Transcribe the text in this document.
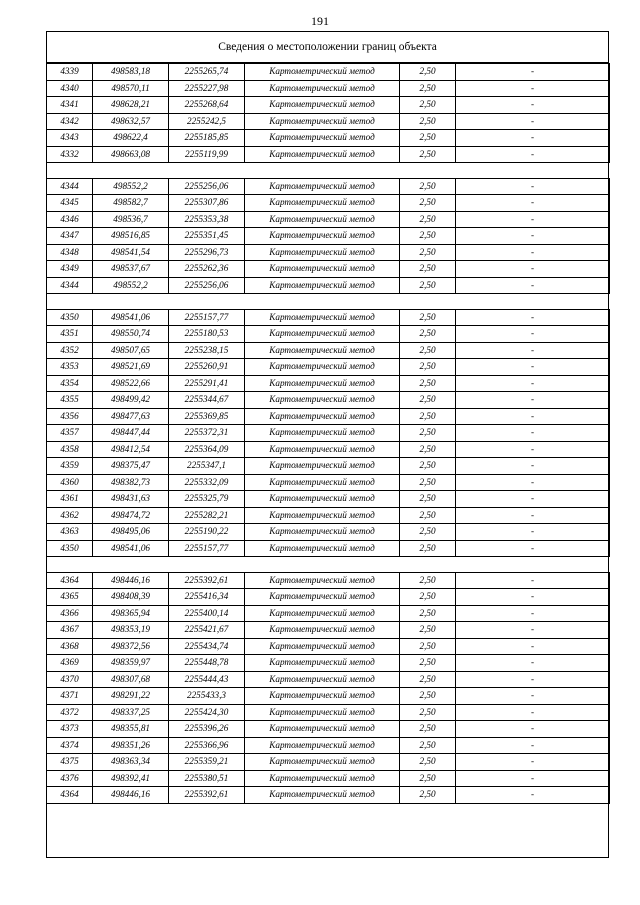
191
Сведения о местоположении границ объекта
4339	498583,18	2255265,74	Картометрический метод	2,50	-
4340	498570,11	2255227,98	Картометрический метод	2,50	-
4341	498628,21	2255268,64	Картометрический метод	2,50	-
4342	498632,57	2255242,5	Картометрический метод	2,50	-
4343	498622,4	2255185,85	Картометрический метод	2,50	-
4332	498663,08	2255119,99	Картометрический метод	2,50	-

4344	498552,2	2255256,06	Картометрический метод	2,50	-
4345	498582,7	2255307,86	Картометрический метод	2,50	-
4346	498536,7	2255353,38	Картометрический метод	2,50	-
4347	498516,85	2255351,45	Картометрический метод	2,50	-
4348	498541,54	2255296,73	Картометрический метод	2,50	-
4349	498537,67	2255262,36	Картометрический метод	2,50	-
4344	498552,2	2255256,06	Картометрический метод	2,50	-

4350	498541,06	2255157,77	Картометрический метод	2,50	-
4351	498550,74	2255180,53	Картометрический метод	2,50	-
4352	498507,65	2255238,15	Картометрический метод	2,50	-
4353	498521,69	2255260,91	Картометрический метод	2,50	-
4354	498522,66	2255291,41	Картометрический метод	2,50	-
4355	498499,42	2255344,67	Картометрический метод	2,50	-
4356	498477,63	2255369,85	Картометрический метод	2,50	-
4357	498447,44	2255372,31	Картометрический метод	2,50	-
4358	498412,54	2255364,09	Картометрический метод	2,50	-
4359	498375,47	2255347,1	Картометрический метод	2,50	-
4360	498382,73	2255332,09	Картометрический метод	2,50	-
4361	498431,63	2255325,79	Картометрический метод	2,50	-
4362	498474,72	2255282,21	Картометрический метод	2,50	-
4363	498495,06	2255190,22	Картометрический метод	2,50	-
4350	498541,06	2255157,77	Картометрический метод	2,50	-

4364	498446,16	2255392,61	Картометрический метод	2,50	-
4365	498408,39	2255416,34	Картометрический метод	2,50	-
4366	498365,94	2255400,14	Картометрический метод	2,50	-
4367	498353,19	2255421,67	Картометрический метод	2,50	-
4368	498372,56	2255434,74	Картометрический метод	2,50	-
4369	498359,97	2255448,78	Картометрический метод	2,50	-
4370	498307,68	2255444,43	Картометрический метод	2,50	-
4371	498291,22	2255433,3	Картометрический метод	2,50	-
4372	498337,25	2255424,30	Картометрический метод	2,50	-
4373	498355,81	2255396,26	Картометрический метод	2,50	-
4374	498351,26	2255366,96	Картометрический метод	2,50	-
4375	498363,34	2255359,21	Картометрический метод	2,50	-
4376	498392,41	2255380,51	Картометрический метод	2,50	-
4364	498446,16	2255392,61	Картометрический метод	2,50	-
